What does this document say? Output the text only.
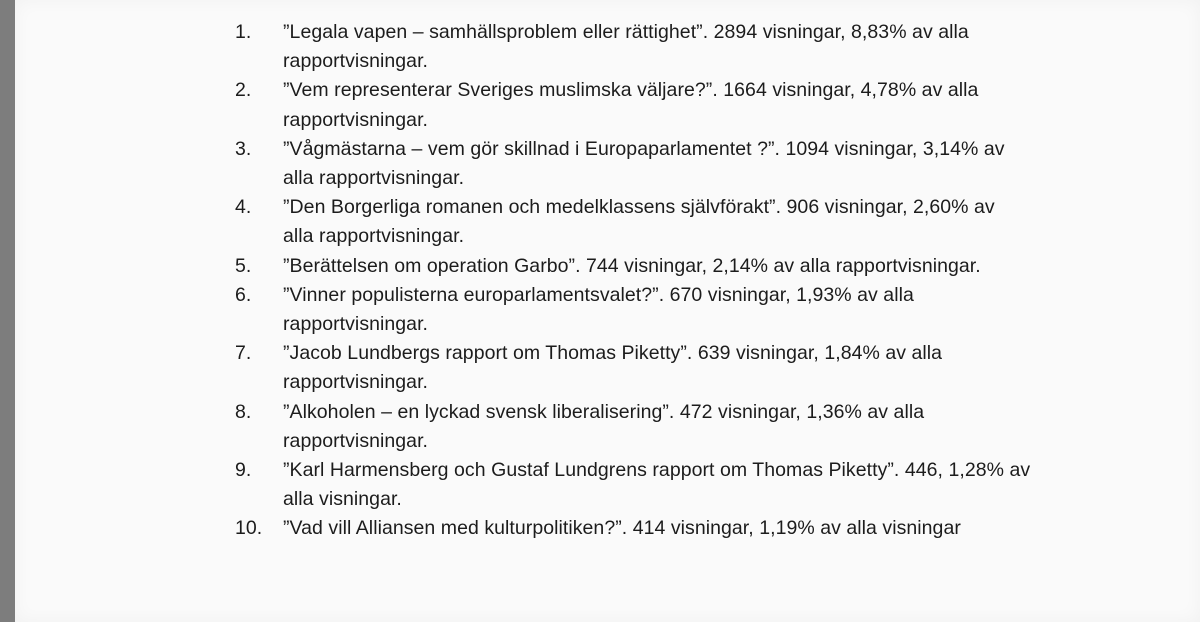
1.	”Legala vapen – samhällsproblem eller rättighet”. 2894 visningar, 8,83% av alla
rapportvisningar.
2.	”Vem representerar Sveriges muslimska väljare?”. 1664 visningar, 4,78% av alla
rapportvisningar.
3.	”Vågmästarna – vem gör skillnad i Europaparlamentet ?”. 1094 visningar, 3,14% av
alla rapportvisningar.
4.	”Den Borgerliga romanen och medelklassens självförakt”. 906 visningar, 2,60% av
alla rapportvisningar.
5.	”Berättelsen om operation Garbo”. 744 visningar, 2,14% av alla rapportvisningar.
6.	”Vinner populisterna europarlamentsvalet?”. 670 visningar, 1,93% av alla
rapportvisningar.
7.	”Jacob Lundbergs rapport om Thomas Piketty”. 639 visningar, 1,84% av alla
rapportvisningar.
8.	”Alkoholen – en lyckad svensk liberalisering”. 472 visningar, 1,36% av alla
rapportvisningar.
9.	”Karl Harmensberg och Gustaf Lundgrens rapport om Thomas Piketty”. 446, 1,28% av
alla visningar.
10.	”Vad vill Alliansen med kulturpolitiken?”. 414 visningar, 1,19% av alla visningar
